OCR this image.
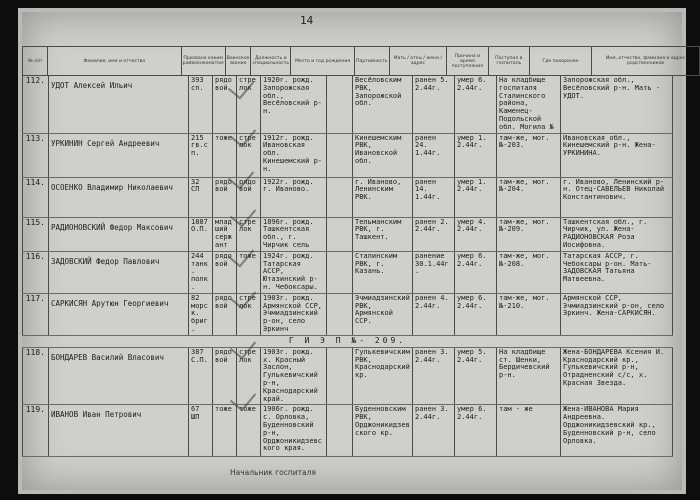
14
№ п/п	Фамилия, имя и отчество	Призвано каким райвоенкоматом	Воинское звание	Должность и специальность	Место и год рождения	Партийность	Мать / отец / жена / адрес	Причина и время поступления	Поступил в госпиталь	Где похоронен	Имя, отчество, фамилия и адрес родственников
112.	УДОТ Алексей Ильич	393 сп.	рядовой	стрелок	1920г. рожд. Запорожская обл., Весёловский р-н.		Весёловским РВК, Запорожской обл.	ранен 5. 2.44г.	умер 6. 2.44г.	На кладбище госпиталя Сталинского района, Каменец-Подольской обл. Могила №	Запорожская обл., Весёловский р-н. Мать - УДОТ.
113.	УРКИНИН Сергей Андреевич	215 гв.сп.	тоже	стрелок	1912г. рожд. Ивановская обл. Кинешемский р-н.		Кинешемским РВК, Ивановской обл.	ранен 24. 1.44г.	умер 1. 2.44г.	там-же, мог. №-203.	Ивановская обл., Кинешемский р-н. Жена-УРКИНИНА.
114.	ОСОЕНКО Владимир Николаевич	32 СП	рядовой	рядовой	1922г. рожд. г. Иваново.		г. Иваново, Ленинским РВК.	ранен 14. 1.44г.	умер 1. 2.44г.	там-же, мог. №-204.	г. Иваново, Ленинский р-н. Отец-САВЕЛЬЕВ Николай Константинович.
115.	РАДИОНОВСКИЙ Федор Максович	1887 О.П.	младший сержант	стрелок	1896г. рожд. Ташкентская обл., г. Чирчик сель		Тельманским РВК, г. Ташкент.	ранен 2. 2.44г.	умер 4. 2.44г.	там-же, мог. №-209.	Ташкентская обл., г. Чирчик, ул. Жена-РАДИОНОВСКАЯ Роза Иосифовна.
116.	ЗАДОВСКИЙ Федор Павлович	244 танк. полк.	рядовой	тоже	1924г. рожд. Татарская АССР, Ютазинский р-н. Чебоксары.		Сталинским РВК, г. Казань.	ранение 30.1.44г.	умер 6. 2.44г.	там-же, мог. №-208.	Татарская АССР, г. Чебоксары р-он. Мать-ЗАДОВСКАЯ Татьяна Матвеевна.
117.	САРКИСЯН Арутюн Георгиевич	82 морск. бриг.	рядовой	стрелок	1903г. рожд. Армянской ССР, Эчмиадзинский р-он, село Эркинч		Эчмиадзинский РВК, Армянской ССР.	ранен 4. 2.44г.	умер 6. 2.44г.	там-же, мог. №-210.	Армянской ССР, Эчмиадзинский р-он, село Эркинч. Жена-САРКИСЯН.
Г И Э П №- 209.											
118.	БОНДАРЕВ Василий Власович	387 С.П.	рядовой	стрелок	1903г. рожд. х. Красный Заслон, Гулькевичский р-н, Краснодарский край.		Гулькевичским РВК, Краснодарский кр.	ранен 3. 2.44г.	умер 5. 2.44г.	На кладбище ст. Шенки, Бердичевский р-н.	Жена-БОНДАРЕВА Ксения И. Краснодарский кр., Гулькевичский р-н, Отрадненский с/с, х. Красная Звезда.
119.	ИВАНОВ Иван Петрович	67 ШП	тоже	тоже	1906г. рожд. с. Орловка, Буденновский р-н, Орджоникидзевского края.		Буденновским РВК, Орджоникидзевского кр.	ранен 3. 2.44г.	умер 6. 2.44г.	там - же	Жена-ИВАНОВА Мария Андреевна. Орджоникидзевский кр., Буденновский р-н, село Орловка.
Начальник госпиталя
